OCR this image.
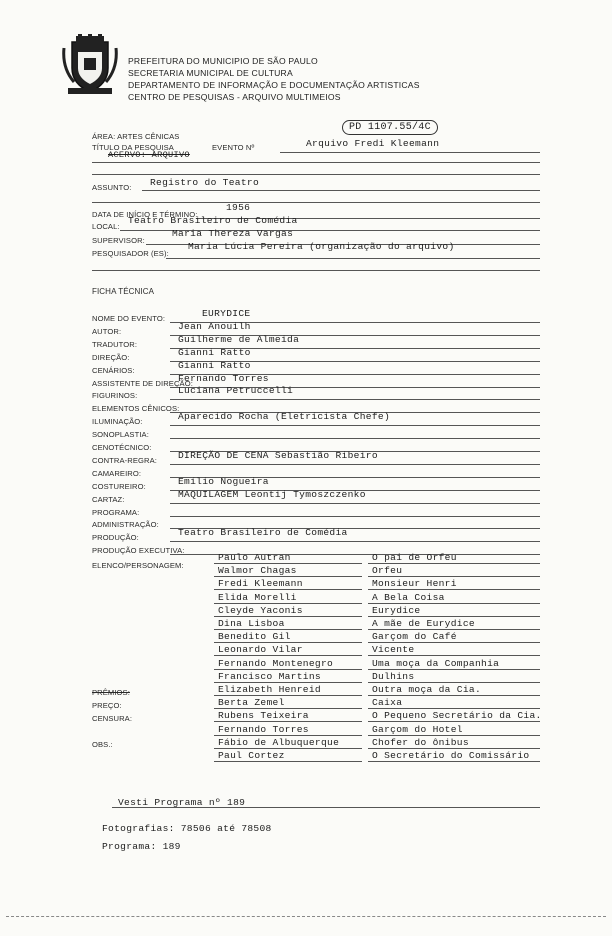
PREFEITURA DO MUNICIPIO DE SÃO PAULO
SECRETARIA MUNICIPAL DE CULTURA
DEPARTAMENTO DE INFORMAÇÃO E DOCUMENTAÇÃO ARTISTICAS
CENTRO DE PESQUISAS - ARQUIVO MULTIMEIOS
PD 1107.55/4C
ÁREA: ARTES CÊNICAS
TÍTULO DA PESQUISA	EVENTO Nº	Arquivo Fredi Kleemann
ACERVO: ARQUIVO
ASSUNTO: Registro do Teatro
DATA DE INÍCIO E TÉRMINO:
1956
LOCAL:
Teatro Brasileiro de Comédia
SUPERVISOR:
Maria Thereza Vargas
PESQUISADOR (ES):
Maria Lúcia Pereira (organização do arquivo)
FICHA TÉCNICA
NOME DO EVENTO:	EURYDICE
AUTOR:	Jean Anouilh
TRADUTOR:	Guilherme de Almeida
DIREÇÃO:	Gianni Ratto
CENÁRIOS:	Gianni Ratto
ASSISTENTE DE DIREÇÃO:
Fernando Torres
FIGURINOS:	Luciana Petruccelli
ELEMENTOS CÊNICOS:
ILUMINAÇÃO:	Aparecido Rocha (Eletricista Chefe)
SONOPLASTIA:
CENOTÉCNICO:
CONTRA-REGRA: DIREÇÃO DE CENA Sebastião Ribeiro
CAMAREIRO:
COSTUREIRO:	Emílio Nogueira
CARTAZ:	MAQUILAGEM Leontij Tymoszczenko
PROGRAMA:
ADMINISTRAÇÃO:
PRODUÇÃO:	Teatro Brasileiro de Comédia
PRODUÇÃO EXECUTIVA:
ELENCO/PERSONAGEM:
Paulo Autran	O pai de Orfeu
Walmor Chagas	Orfeu
Fredi Kleemann	Monsieur Henri
Elida Morelli	A Bela Coisa
Cleyde Yaconis	Eurydice
Dina Lisboa	A mãe de Eurydice
Benedito Gil	Garçom do Café
Leonardo Vilar	Vicente
Fernando Montenegro	Uma moça da Companhia
Francisco Martins	Dulhins
Elizabeth Henreid	Outra moça da Cia.
Berta Zemel	Caixa
Rubens Teixeira	O Pequeno Secretário da Cia.
Fernando Torres	Garçom do Hotel
Fábio de Albuquerque	Chofer do ônibus
Paul Cortez	O Secretário do Comissário
PRÊMIOS:
PREÇO:
CENSURA:
OBS.:
Vesti Programa nº 189
Fotografias: 78506 até 78508
Programa: 189
